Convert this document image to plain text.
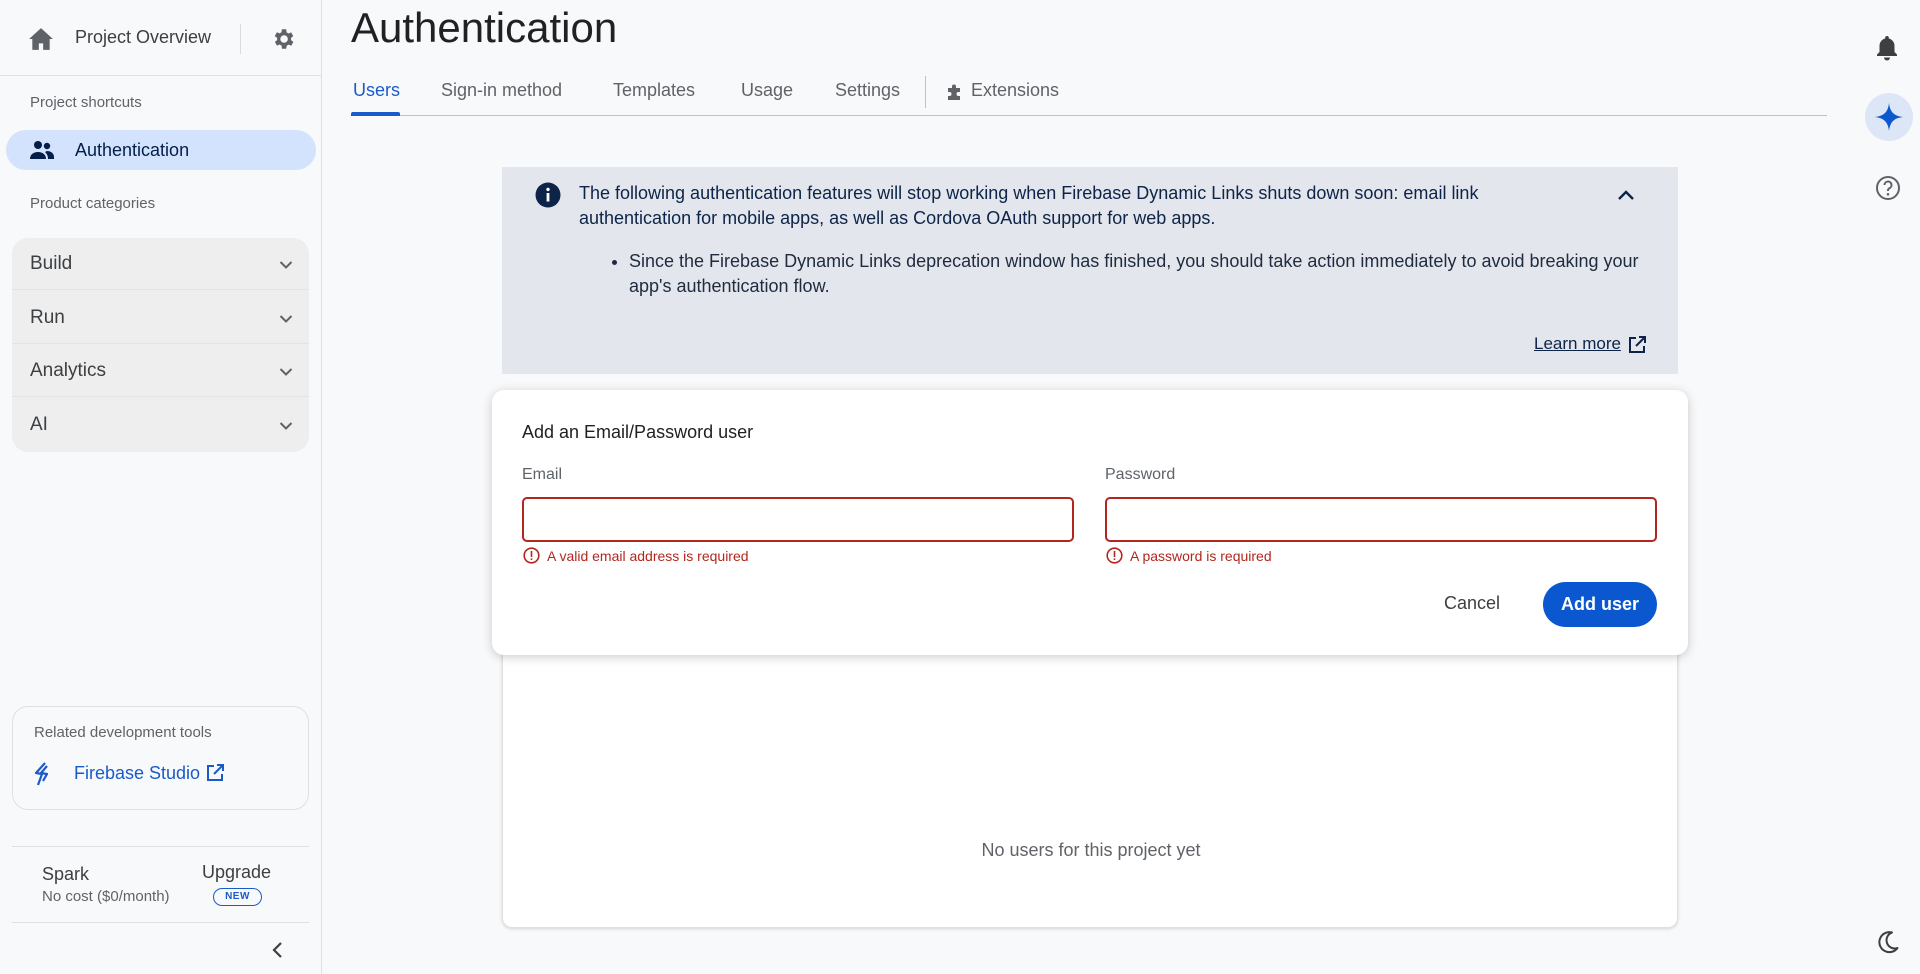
Project Overview
Project shortcuts
Authentication
Product categories
Build
Run
Analytics
AI
Related development tools
Firebase Studio
Spark
No cost ($0/month)
Upgrade
NEW
Authentication
Users Sign-in method	Templates	Usage Settings	Extensions
The following authentication features will stop working when Firebase Dynamic Links shuts down soon: email link authentication for mobile apps, as well as Cordova OAuth support for web apps.
• Since the Firebase Dynamic Links deprecation window has finished, you should take action immediately to avoid breaking your app's authentication flow.
Learn more
No users for this project yet
Add an Email/Password user
Email
A valid email address is required
Password
A password is required
Cancel	Add user
